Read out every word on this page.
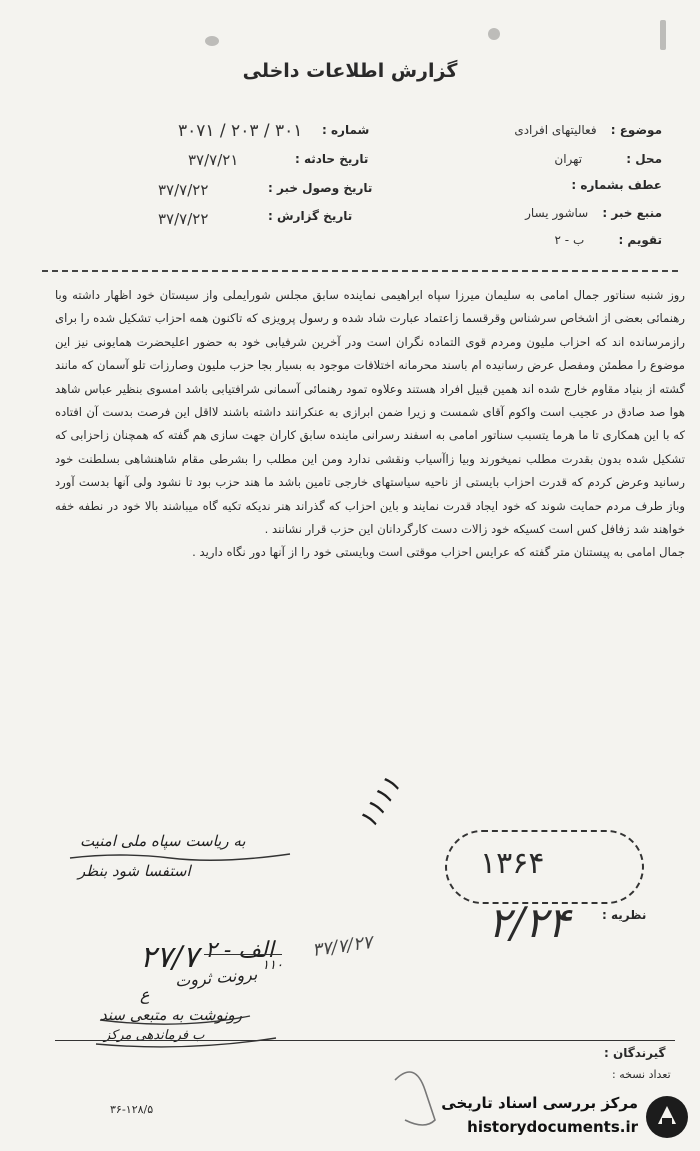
گزارش اطلاعات داخلی
موضوع : فعالیتهای افرادی
محل : تهران
عطف بشماره :
منبع خبر : ساشور یسار
تقویم : ب - ۲
شماره :
تاریخ حادثه :
تاریخ وصول خبر :
تاریخ گزارش :
۳۰۷۱ / ۲۰۳ / ۳۰۱
۳۷/۷/۲۱
۳۷/۷/۲۲
۳۷/۷/۲۲

روز شنبه سناتور جمال امامی به سلیمان میرزا سپاه ابراهیمی نماینده سابق مجلس شورایملی واز سیستان خود اظهار داشته وبا رهنمائی بعضی از اشخاص سرشناس وقرقسما زاعتماد عبارت شاد شده و رسول پرویزی که تاکنون همه احزاب تشکیل شده را برای رازمرسانده اند که احزاب ملیون ومردم قوی التماده نگران است ودر آخرین شرفیابی خود به حضور اعلیحضرت همایونی نیز این موضوع را مطمئن ومفصل عرض رسانیده ام باسند محرمانه اختلافات موجود به بسیار بجا حزب ملیون وصارزات تلو آسمان که مانند گشته از بنیاد مقاوم خارج شده اند همین قبیل افراد هستند وعلاوه تمود رهنمائی آسمانی شرافتیابی باشد امسوی بنظیر عباس شاهد هوا صد صادق در عجیب است واکوم آقای شمست و زیرا ضمن ابرازی به عنکرانند داشته باشند لااقل این فرصت بدست آن افتاده که با این همکاری تا ما هرما یتسبب سناتور امامی به اسفند رسرانی ماینده سابق کاران جهت سازی هم گفته که همچنان زاحزابی که تشکیل شده بدون بقدرت مطلب نمیخورند وبیا زاآسیاب ونقشی ندارد ومن این مطلب را بشرطی مقام شاهنشاهی بسلطنت خود رسانید وعرض کردم که قدرت احزاب بایستی از ناحیه سیاستهای خارجی تامین باشد ما هند حزب بود تا نشود ولی آنها بدست آورد وباز طرف مردم حمایت شوند که خود ایجاد قدرت نمایند و باین احزاب که گذراند هنر ندیکه تکیه گاه میباشند بالا خود در نطفه خفه خواهند شد زفافل کس است کسیکه خود زالات دست کارگردانان این حزب قرار نشانند .

جمال امامی به پیستنان متر گفته که عرایس احزاب موقتی است وبایستی خود را از آنها دور نگاه دارید .

۱۱۱۱
۱۳۶۴
نظریه :
۲/۲۴
به ریاست سپاه ملی امنیت
استفسا شود بنظر
الف - ۲
۱۱۰
۳۷/۷/۲۷
۲۷/۷
برونت ثروت
ع
رونوشت به متبعی سند
ب فرماندهی مرکز
گیرندگان :
تعداد نسخه :
۳۶-۱۲۸/۵	مرکز بررسی اسناد تاریخی
historydocuments.ir
